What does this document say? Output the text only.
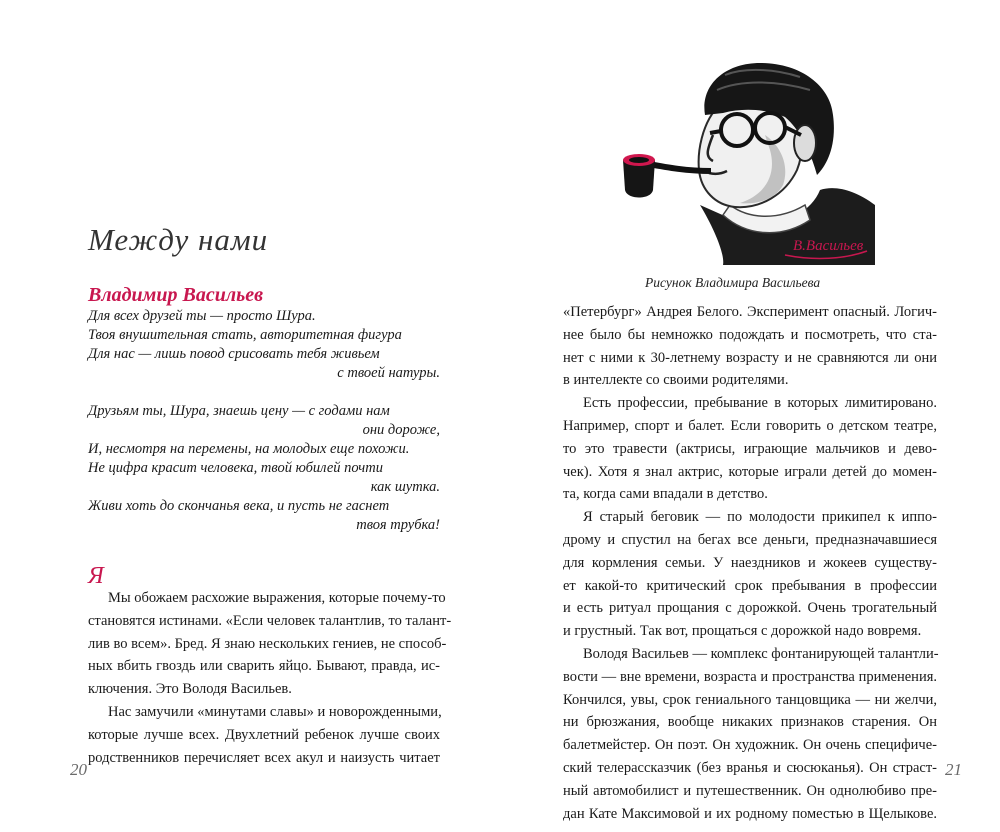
Между нами
Владимир Васильев
Для всех друзей ты — просто Шура.
Твоя внушительная стать, авторитетная фигура
Для нас — лишь повод срисовать тебя живьем
с твоей натуры.
Друзьям ты, Шура, знаешь цену — с годами нам
они дороже,
И, несмотря на перемены, на молодых еще похожи.
Не цифра красит человека, твой юбилей почти
как шутка.
Живи хоть до скончанья века, и пусть не гаснет
твоя трубка!
Я
Мы обожаем расхожие выражения, которые почему-то
становятся истинами. «Если человек талантлив, то талант-
лив во всем». Бред. Я знаю нескольких гениев, не способ-
ных вбить гвоздь или сварить яйцо. Бывают, правда, ис-
ключения. Это Володя Васильев.
Нас замучили «минутами славы» и новорожденными,
которые лучше всех. Двухлетний ребенок лучше своих
родственников перечисляет всех акул и наизусть читает
20
В.Васильев
Рисунок Владимира Васильева
«Петербург» Андрея Белого. Эксперимент опасный. Логич-
нее было бы немножко подождать и посмотреть, что ста-
нет с ними к 30-летнему возрасту и не сравняются ли они
в интеллекте со своими родителями.
Есть профессии, пребывание в которых лимитировано.
Например, спорт и балет. Если говорить о детском театре,
то это травести (актрисы, играющие мальчиков и дево-
чек). Хотя я знал актрис, которые играли детей до момен-
та, когда сами впадали в детство.
Я старый беговик — по молодости прикипел к иппо-
дрому и спустил на бегах все деньги, предназначавшиеся
для кормления семьи. У наездников и жокеев существу-
ет какой-то критический срок пребывания в профессии
и есть ритуал прощания с дорожкой. Очень трогательный
и грустный. Так вот, прощаться с дорожкой надо вовремя.
Володя Васильев — комплекс фонтанирующей талантли-
вости — вне времени, возраста и пространства применения.
Кончился, увы, срок гениального танцовщика — ни желчи,
ни брюзжания, вообще никаких признаков старения. Он
балетмейстер. Он поэт. Он художник. Он очень специфиче-
ский телерассказчик (без вранья и сюсюканья). Он страст-
ный автомобилист и путешественник. Он однолюбиво пре-
дан Кате Максимовой и их родному поместью в Щелыкове.
21
